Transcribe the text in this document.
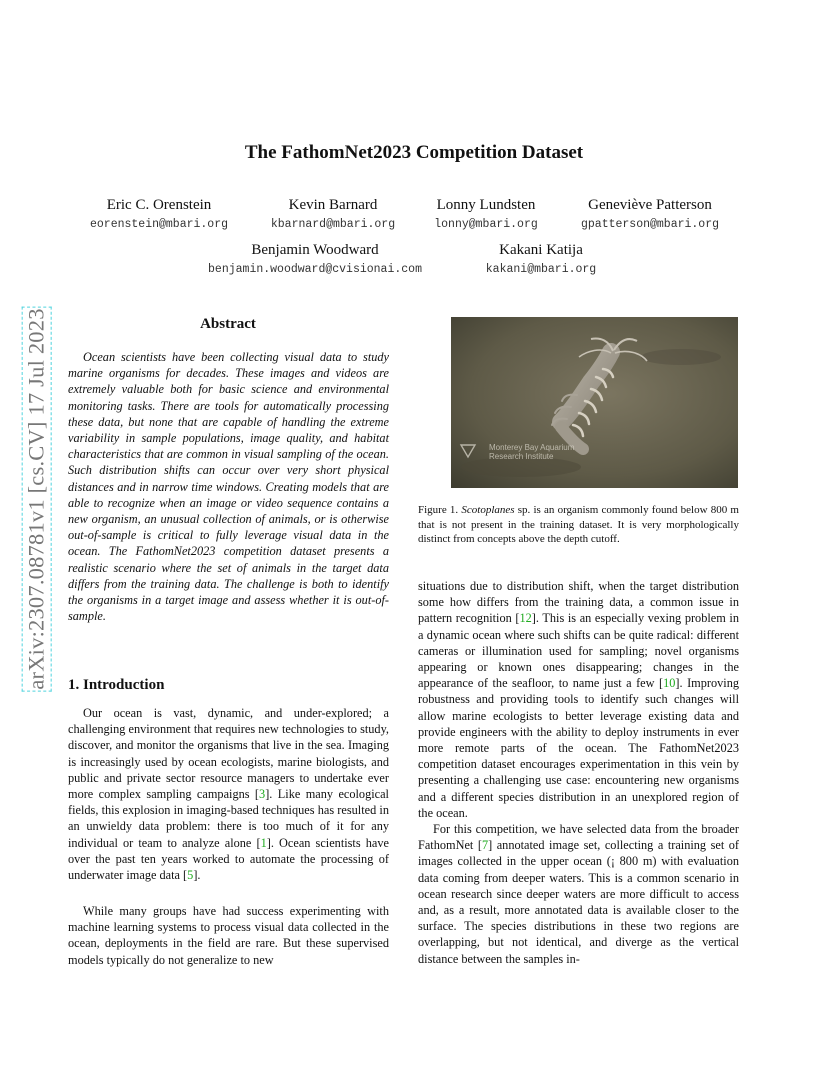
arXiv:2307.08781v1 [cs.CV] 17 Jul 2023
The FathomNet2023 Competition Dataset
Eric C. Orenstein
eorenstein@mbari.org
Kevin Barnard
kbarnard@mbari.org
Lonny Lundsten
lonny@mbari.org
Geneviève Patterson
gpatterson@mbari.org
Benjamin Woodward
benjamin.woodward@cvisionai.com
Kakani Katija
kakani@mbari.org
Abstract

Ocean scientists have been collecting visual data to study marine organisms for decades. These images and videos are extremely valuable both for basic science and environmental monitoring tasks. There are tools for automatically processing these data, but none that are capable of handling the extreme variability in sample populations, image quality, and habitat characteristics that are common in visual sampling of the ocean. Such distribution shifts can occur over very short physical distances and in narrow time windows. Creating models that are able to recognize when an image or video sequence contains a new organism, an unusual collection of animals, or is otherwise out-of-sample is critical to fully leverage visual data in the ocean. The FathomNet2023 competition dataset presents a realistic scenario where the set of animals in the target data differs from the training data. The challenge is both to identify the organisms in a target image and assess whether it is out-of-sample.

1. Introduction

Our ocean is vast, dynamic, and under-explored; a challenging environment that requires new technologies to study, discover, and monitor the organisms that live in the sea. Imaging is increasingly used by ocean ecologists, marine biologists, and public and private sector resource managers to undertake ever more complex sampling campaigns [3]. Like many ecological fields, this explosion in imaging-based techniques has resulted in an unwieldy data problem: there is too much of it for any individual or team to analyze alone [1]. Ocean scientists have over the past ten years worked to automate the processing of underwater image data [5].

While many groups have had success experimenting with machine learning systems to process visual data collected in the ocean, deployments in the field are rare. But these supervised models typically do not generalize to new

Monterey Bay Aquarium
Research Institute
Figure 1. Scotoplanes sp. is an organism commonly found below 800 m that is not present in the training dataset. It is very morphologically distinct from concepts above the depth cutoff.

situations due to distribution shift, when the target distribution some how differs from the training data, a common issue in pattern recognition [12]. This is an especially vexing problem in a dynamic ocean where such shifts can be quite radical: different cameras or illumination used for sampling; novel organisms appearing or known ones disappearing; changes in the appearance of the seafloor, to name just a few [10]. Improving robustness and providing tools to identify such changes will allow marine ecologists to better leverage existing data and provide engineers with the ability to deploy instruments in ever more remote parts of the ocean. The FathomNet2023 competition dataset encourages experimentation in this vein by presenting a challenging use case: encountering new organisms and a different species distribution in an unexplored region of the ocean.

For this competition, we have selected data from the broader FathomNet [7] annotated image set, collecting a training set of images collected in the upper ocean (¡ 800 m) with evaluation data coming from deeper waters. This is a common scenario in ocean research since deeper waters are more difficult to access and, as a result, more annotated data is available closer to the surface. The species distributions in these two regions are overlapping, but not identical, and diverge as the vertical distance between the samples in-
